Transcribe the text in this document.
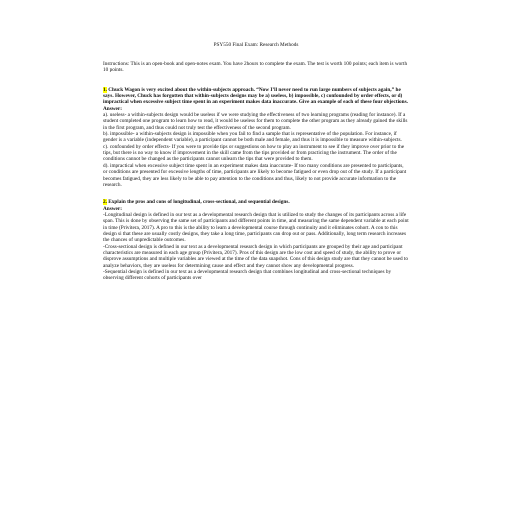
PSY550 Final Exam: Research Methods

Instructions: This is an open-book and open-notes exam. You have 2hours to complete the exam. The test is worth 100 points; each item is worth 10 points.

1. Chuck Wagon is very excited about the within-subjects approach. “Now I’ll never need to run large numbers of subjects again,” he says. However, Chuck has forgotten that within-subjects designs may be a) useless, b) impossible, c) confounded by order effects, or d) impractical when excessive subject time spent in an experiment makes data inaccurate. Give an example of each of these four objections.

Answer:

a). useless- a within-subjects design would be useless if we were studying the effectiveness of two learning programs (reading for instance). If a student completed one program to learn how to read, it would be useless for them to complete the other program as they already gained the skills in the first program, and thus could not truly test the effectiveness of the second program.

b). impossible- a within-subjects design is impossible when you fail to find a sample that is representative of the population. For instance, if gender is a variable (independent variable), a participant cannot be both male and female, and thus it is impossible to measure within-subjects.

c). confounded by order effects- If you were to provide tips or suggestions on how to play an instrument to see if they improve over prior to the tips, but there is no way to know if improvement in the skill came from the tips provided or from practicing the instrument. The order of the conditions cannot be changed as the participants cannot unlearn the tips that were provided to them.

d). impractical when excessive subject time spent in an experiment makes data inaccurate- If too many conditions are presented to participants, or conditions are presented for excessive lengths of time, participants are likely to become fatigued or even drop out of the study. If a participant becomes fatigued, they are less likely to be able to pay attention to the conditions and thus, likely to not provide accurate information to the research.

2. Explain the pros and cons of longitudinal, cross-sectional, and sequential designs.

Answer:

-Longitudinal design is defined in our text as a developmental research design that is utilized to study the changes of its participants across a life span. This is done by observing the same set of participants and different points in time, and measuring the same dependent variable at each point in time (Privitera, 2017). A pro to this is the ability to learn a developmental course through continuity and it eliminates cohort. A con to this design si that these are usually costly designs, they take a long time, participants can drop out or pass. Additionally, long term research increases the chances of unpredictable outcomes.

-Cross-sectional design is defined in our text as a developmental research design in which participants are grouped by their age and participant characteristics are measured in each age group (Privitera, 2017). Pros of this design are the low cost and speed of study, the ability to prove or disprove assumptions and multiple variables are viewed at the time of the data snapshot. Cons of this design study are that they cannot be used to analyze behaviors, they are useless for determining cause and effect and they cannot show any developmental progress.

-Sequential design is defined in our text as a developmental research design that combines longitudinal and cross-sectional techniques by observing different cohorts of participants over
